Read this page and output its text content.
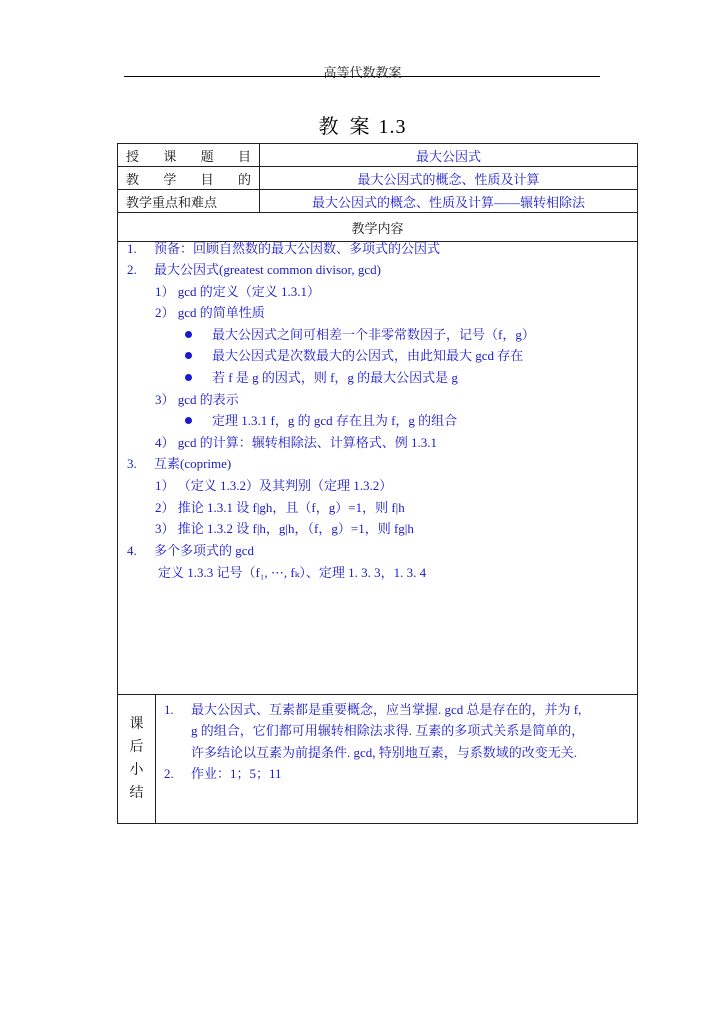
高等代数教案
教 案 1.3
授课题目	最大公因式
教学目的	最大公因式的概念、性质及计算
教学重点和难点	最大公因式的概念、性质及计算——辗转相除法
教学内容

1. 预备：回顾自然数的最大公因数、多项式的公因式
2. 最大公因式(greatest common divisor, gcd)
1） gcd 的定义（定义 1.3.1）
2） gcd 的简单性质
最大公因式之间可相差一个非零常数因子，记号（f，g）
最大公因式是次数最大的公因式，由此知最大 gcd 存在
若 f 是 g 的因式，则 f，g 的最大公因式是 g
3） gcd 的表示
定理 1.3.1 f，g 的 gcd 存在且为 f，g 的组合
4） gcd 的计算：辗转相除法、计算格式、例 1.3.1
3. 互素(coprime)
1） （定义 1.3.2）及其判别（定理 1.3.2）
2） 推论 1.3.1 设 f|gh，且（f，g）=1，则 f|h
3） 推论 1.3.2 设 f|h，g|h，（f，g）=1，则 fg|h
4. 多个多项式的 gcd
定义 1.3.3 记号（f₁, ⋯, fₖ）、定理 1. 3. 3，1. 3. 4

课
后
小
结

1. 最大公因式、互素都是重要概念，应当掌握. gcd 总是存在的，并为 f,
g 的组合，它们都可用辗转相除法求得. 互素的多项式关系是简单的，
许多结论以互素为前提条件. gcd, 特别地互素，与系数域的改变无关.
2. 作业：1；5；11
